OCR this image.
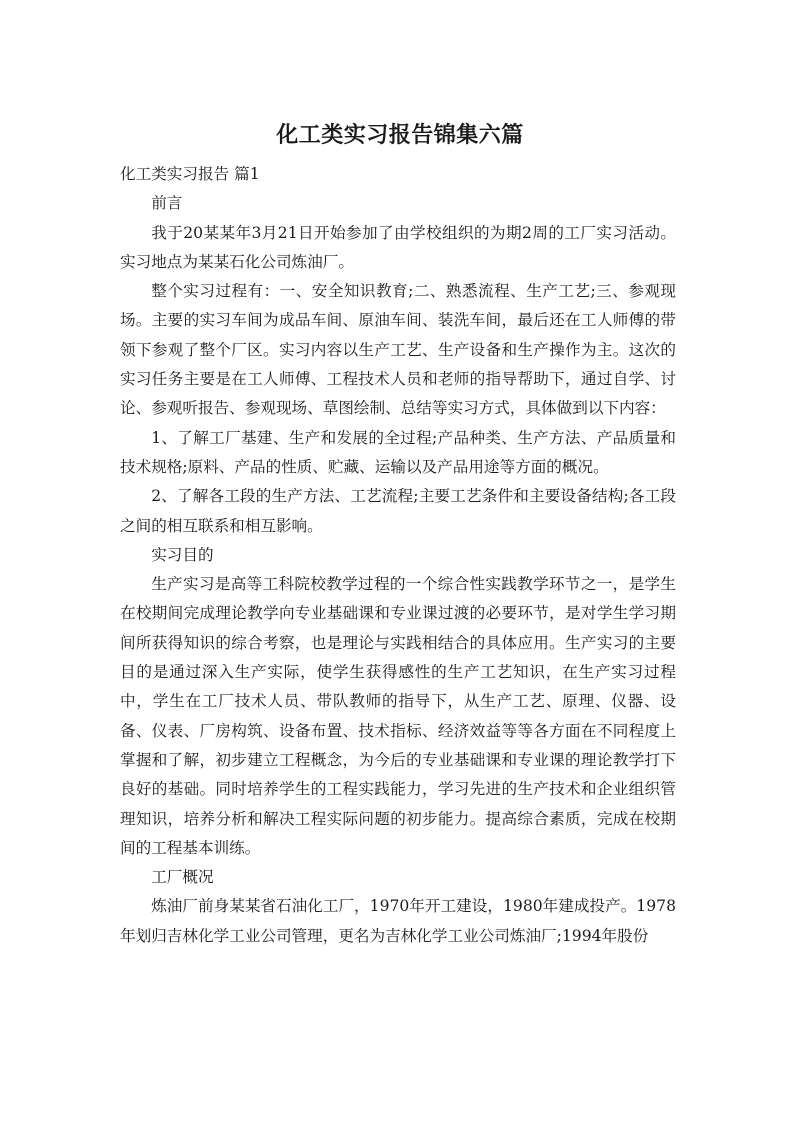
化工类实习报告锦集六篇

化工类实习报告 篇1

前言

我于20某某年3月21日开始参加了由学校组织的为期2周的工厂实习活动。实习地点为某某石化公司炼油厂。

整个实习过程有：一、安全知识教育;二、熟悉流程、生产工艺;三、参观现场。主要的实习车间为成品车间、原油车间、装洗车间，最后还在工人师傅的带领下参观了整个厂区。实习内容以生产工艺、生产设备和生产操作为主。这次的实习任务主要是在工人师傅、工程技术人员和老师的指导帮助下，通过自学、讨论、参观听报告、参观现场、草图绘制、总结等实习方式，具体做到以下内容：

1、了解工厂基建、生产和发展的全过程;产品种类、生产方法、产品质量和技术规格;原料、产品的性质、贮藏、运输以及产品用途等方面的概况。

2、了解各工段的生产方法、工艺流程;主要工艺条件和主要设备结构;各工段之间的相互联系和相互影响。

实习目的

生产实习是高等工科院校教学过程的一个综合性实践教学环节之一，是学生在校期间完成理论教学向专业基础课和专业课过渡的必要环节，是对学生学习期间所获得知识的综合考察，也是理论与实践相结合的具体应用。生产实习的主要目的是通过深入生产实际，使学生获得感性的生产工艺知识，在生产实习过程中，学生在工厂技术人员、带队教师的指导下，从生产工艺、原理、仪器、设备、仪表、厂房构筑、设备布置、技术指标、经济效益等等各方面在不同程度上掌握和了解，初步建立工程概念，为今后的专业基础课和专业课的理论教学打下良好的基础。同时培养学生的工程实践能力，学习先进的生产技术和企业组织管理知识，培养分析和解决工程实际问题的初步能力。提高综合素质，完成在校期间的工程基本训练。

工厂概况

炼油厂前身某某省石油化工厂，1970年开工建设，1980年建成投产。1978年划归吉林化学工业公司管理，更名为吉林化学工业公司炼油厂;1994年股份
